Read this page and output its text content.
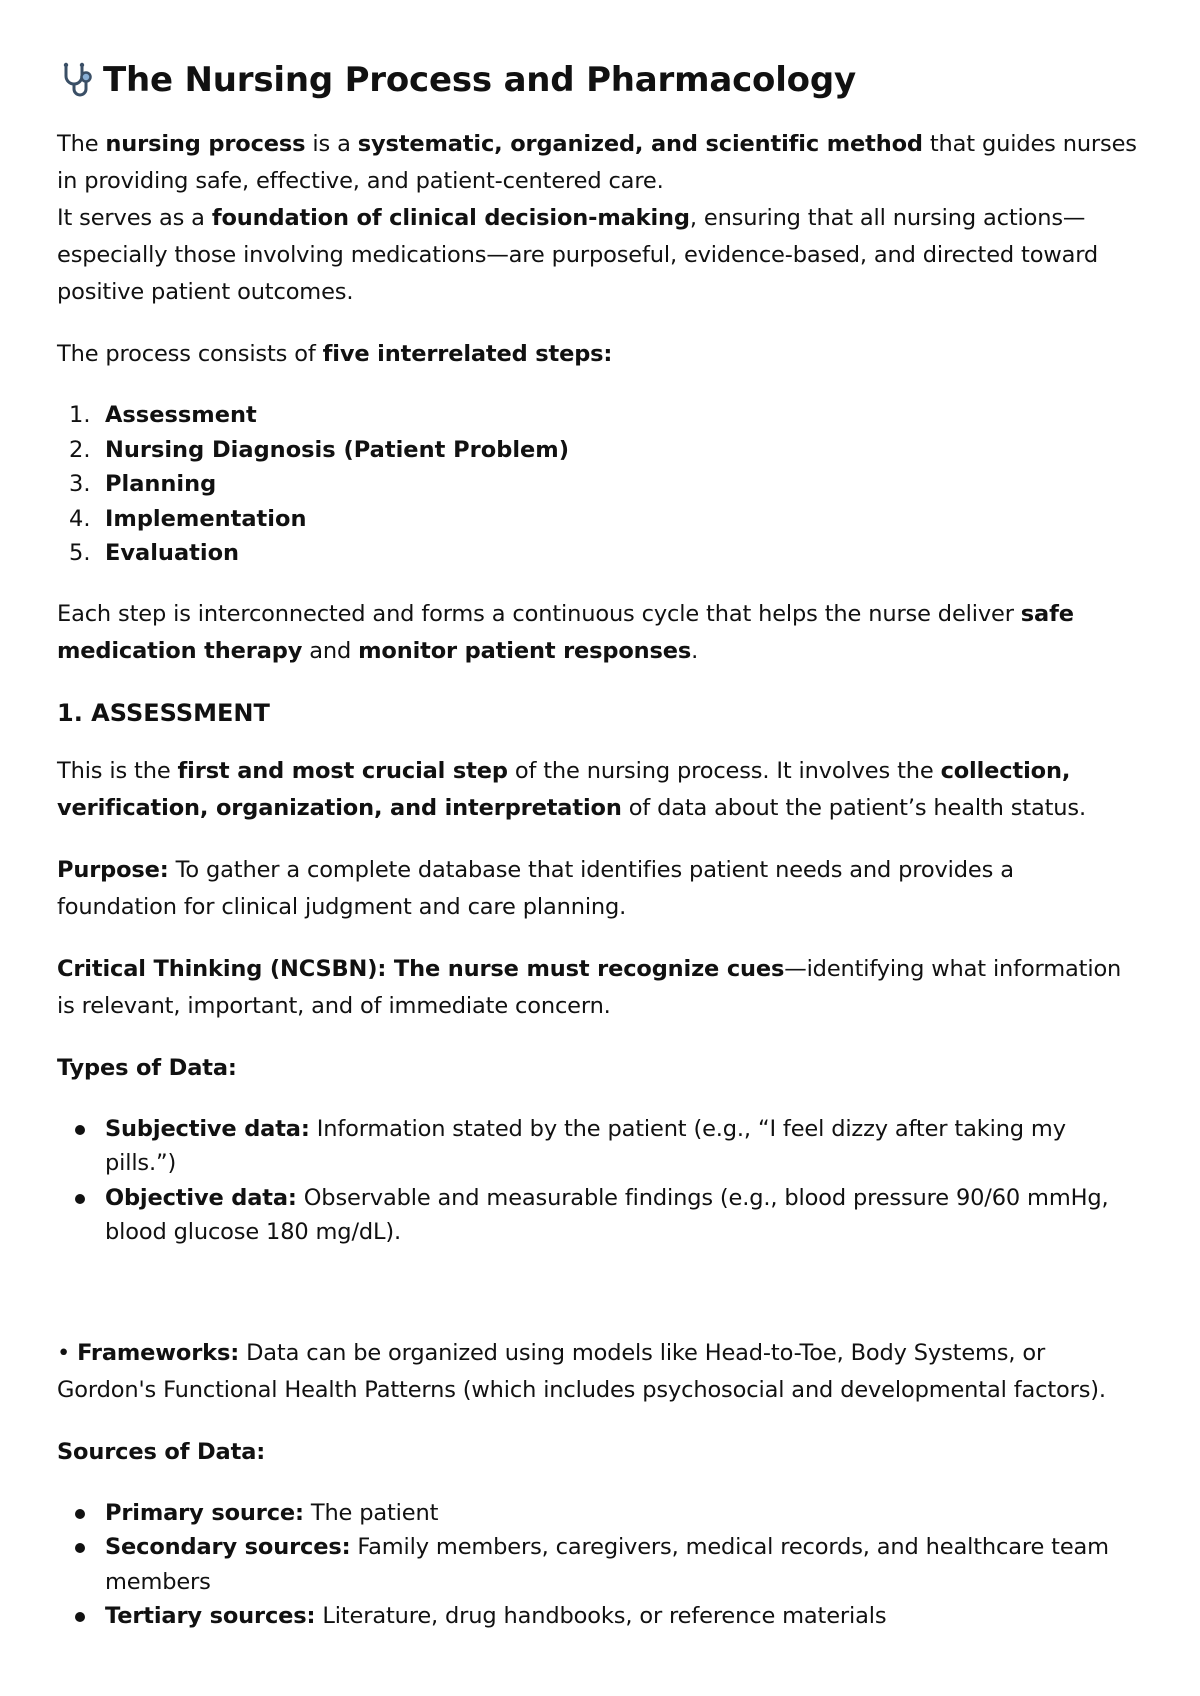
The Nursing Process and Pharmacology

The nursing process is a systematic, organized, and scientific method that guides nurses in providing safe, effective, and patient-centered care.
It serves as a foundation of clinical decision-making, ensuring that all nursing actions—especially those involving medications—are purposeful, evidence-based, and directed toward positive patient outcomes.

The process consists of five interrelated steps:

1. Assessment
2. Nursing Diagnosis (Patient Problem)
3. Planning
4. Implementation
5. Evaluation

Each step is interconnected and forms a continuous cycle that helps the nurse deliver safe medication therapy and monitor patient responses.

1. ASSESSMENT

This is the first and most crucial step of the nursing process. It involves the collection, verification, organization, and interpretation of data about the patient’s health status.

Purpose: To gather a complete database that identifies patient needs and provides a foundation for clinical judgment and care planning.

Critical Thinking (NCSBN): The nurse must recognize cues—identifying what information is relevant, important, and of immediate concern.

Types of Data:

Subjective data: Information stated by the patient (e.g., “I feel dizzy after taking my pills.”)
Objective data: Observable and measurable findings (e.g., blood pressure 90/60 mmHg, blood glucose 180 mg/dL).

• Frameworks: Data can be organized using models like Head-to-Toe, Body Systems, or Gordon's Functional Health Patterns (which includes psychosocial and developmental factors).

Sources of Data:

Primary source: The patient
Secondary sources: Family members, caregivers, medical records, and healthcare team members
Tertiary sources: Literature, drug handbooks, or reference materials
